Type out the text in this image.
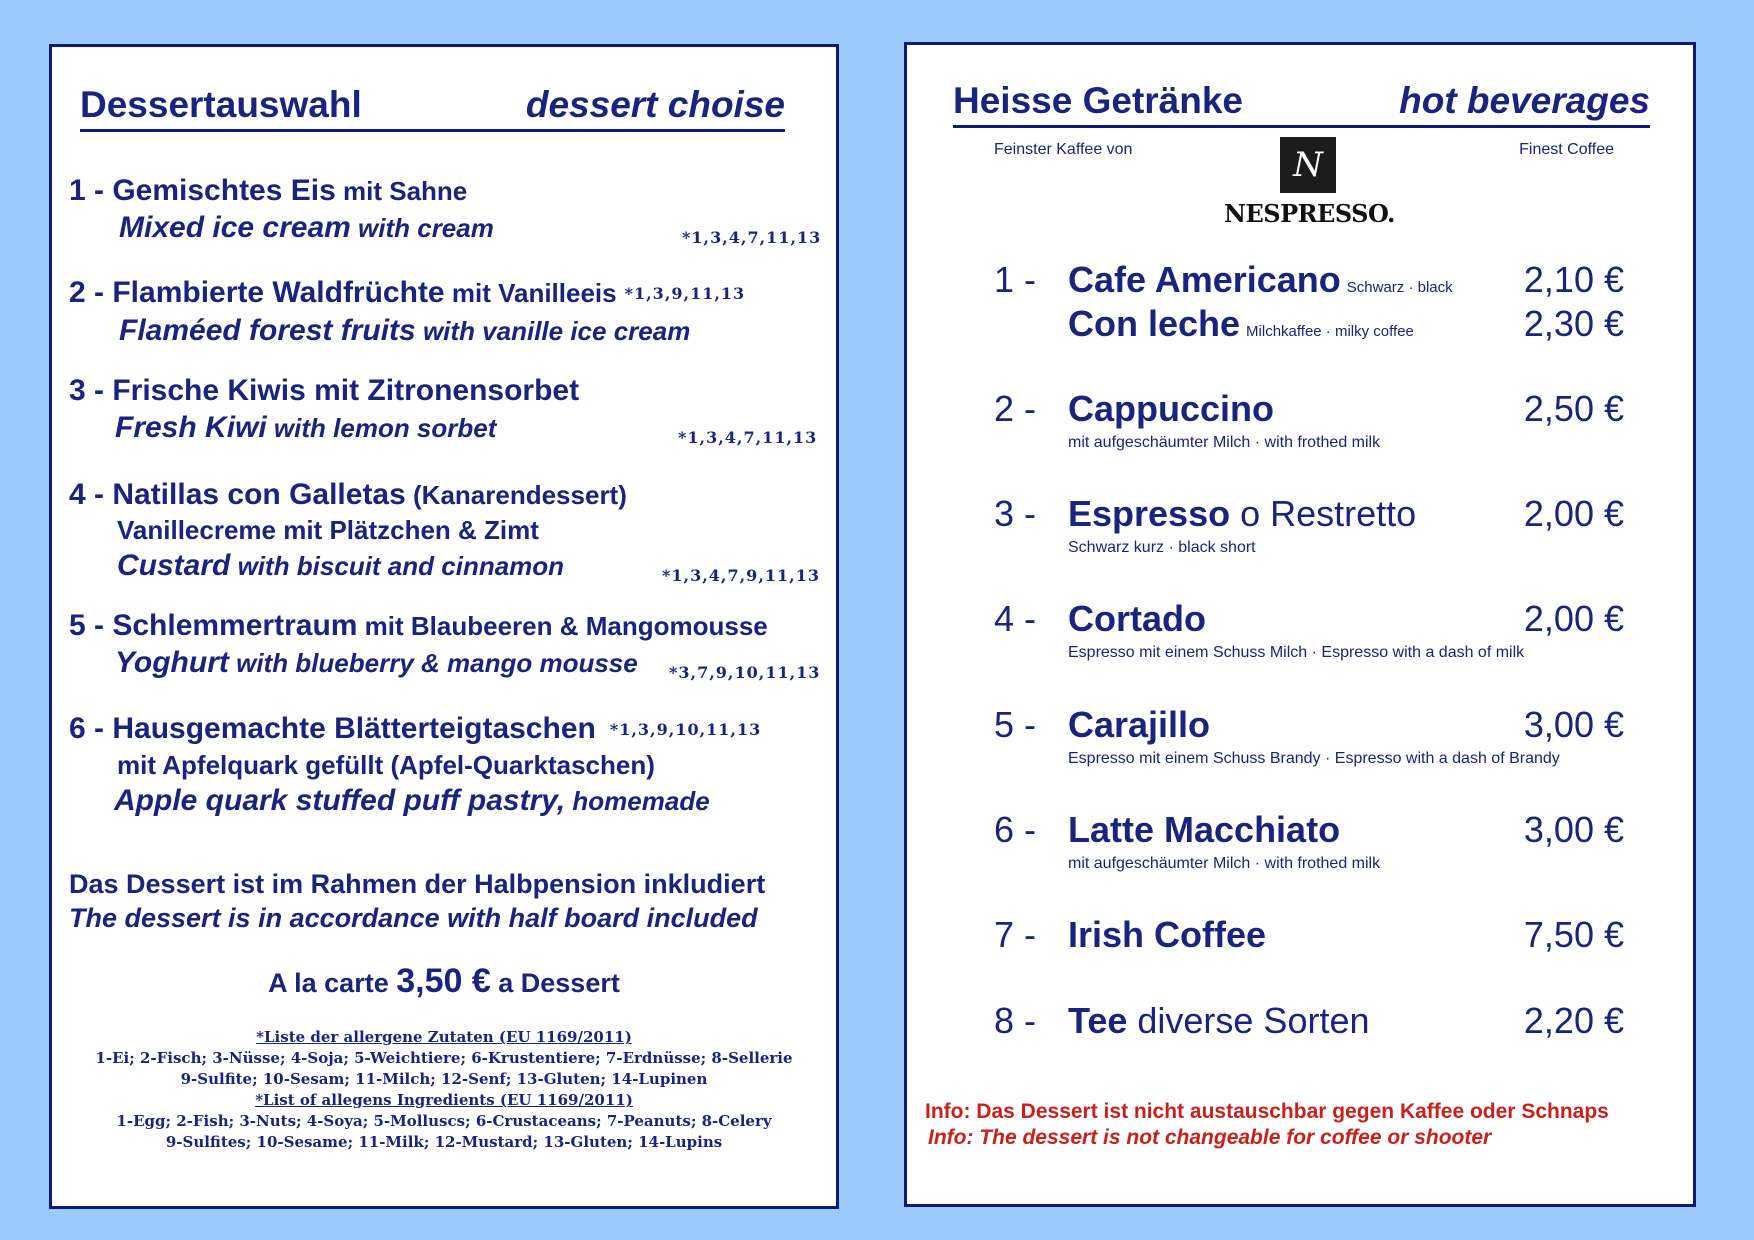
Dessertauswahl	dessert choise
1 - Gemischtes Eis mit Sahne
Mixed ice cream with cream	*1,3,4,7,11,13
2 - Flambierte Waldfrüchte mit Vanilleeis *1,3,9,11,13
Flaméed forest fruits with vanille ice cream
3 - Frische Kiwis mit Zitronensorbet
Fresh Kiwi with lemon sorbet	*1,3,4,7,11,13
4 - Natillas con Galletas (Kanarendessert)
Vanillecreme mit Plätzchen & Zimt
Custard with biscuit and cinnamon	*1,3,4,7,9,11,13
5 - Schlemmertraum mit Blaubeeren & Mangomousse
Yoghurt with blueberry & mango mousse *3,7,9,10,11,13
6 - Hausgemachte Blätterteigtaschen *1,3,9,10,11,13
mit Apfelquark gefüllt (Apfel-Quarktaschen)
Apple quark stuffed puff pastry, homemade
Das Dessert ist im Rahmen der Halbpension inkludiert
The dessert is in accordance with half board included
A la carte 3,50 € a Dessert
*Liste der allergene Zutaten (EU 1169/2011)
1-Ei; 2-Fisch; 3-Nüsse; 4-Soja; 5-Weichtiere; 6-Krustentiere; 7-Erdnüsse; 8-Sellerie
9-Sulfite; 10-Sesam; 11-Milch; 12-Senf; 13-Gluten; 14-Lupinen
*List of allegens Ingredients (EU 1169/2011)
1-Egg; 2-Fish; 3-Nuts; 4-Soya; 5-Molluscs; 6-Crustaceans; 7-Peanuts; 8-Celery
9-Sulfites; 10-Sesame; 11-Milk; 12-Mustard; 13-Gluten; 14-Lupins
Heisse Getränke	hot beverages
Feinster Kaffee von	N
NESPRESSO.
Finest Coffee
1 - Cafe Americano Schwarz · black 2,10 €
Con leche Milchkaffee · milky coffee	2,30 €
2 - Cappuccino	2,50 €
mit aufgeschäumter Milch · with frothed milk
3 - Espresso o Restretto	2,00 €
Schwarz kurz · black short
4 - Cortado	2,00 €
Espresso mit einem Schuss Milch · Espresso with a dash of milk
5 - Carajillo	3,00 €
Espresso mit einem Schuss Brandy · Espresso with a dash of Brandy
6 - Latte Macchiato	3,00 €
mit aufgeschäumter Milch · with frothed milk
7 - Irish Coffee	7,50 €
8 - Tee diverse Sorten	2,20 €
Info: Das Dessert ist nicht austauschbar gegen Kaffee oder Schnaps
Info: The dessert is not changeable for coffee or shooter
